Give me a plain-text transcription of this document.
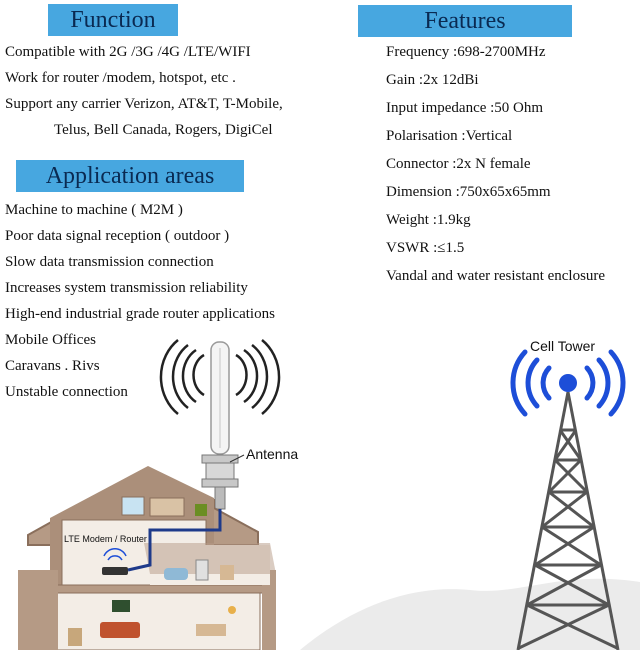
Function	Features
Application areas
Compatible with 2G /3G /4G /LTE/WIFI
Work for router /modem, hotspot, etc .
Support any carrier Verizon, AT&T, T-Mobile,
Telus, Bell Canada, Rogers, DigiCel
Machine to machine ( M2M )
Poor data signal reception ( outdoor )
Slow data transmission connection
Increases system transmission reliability
High-end industrial grade router applications
Mobile Offices
Caravans . Rivs
Unstable connection
Frequency :698-2700MHz
Gain :2x 12dBi
Input impedance :50 Ohm
Polarisation :Vertical
Connector :2x N female
Dimension :750x65x65mm
Weight :1.9kg
VSWR :≤1.5
Vandal and water resistant enclosure
Antenna
Cell Tower
LTE Modem / Router
